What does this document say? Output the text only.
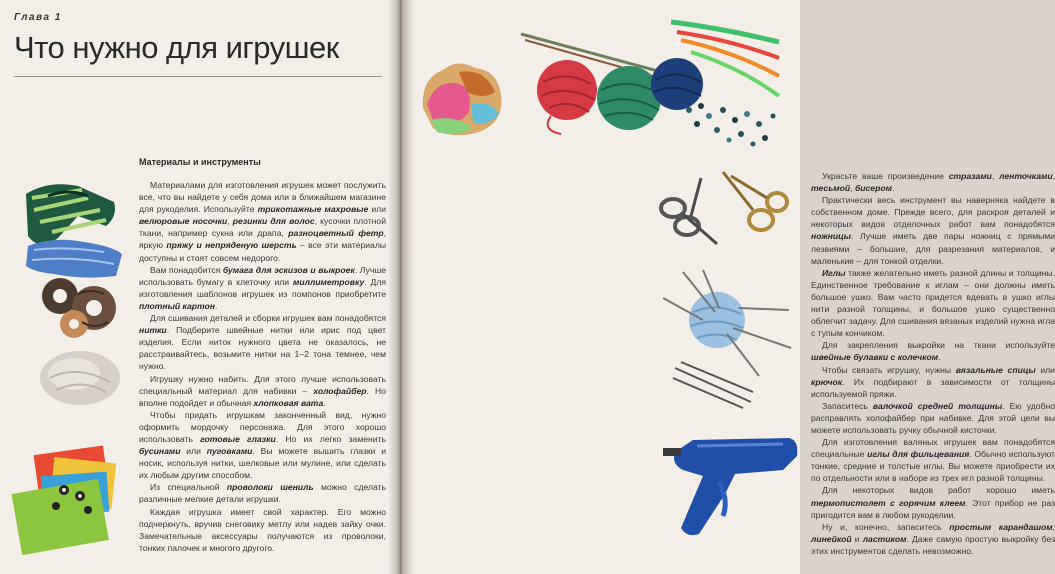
Глава 1
Что нужно для игрушек
Материалы и инструменты

Материалами для изготовления игрушек может послужить все, что вы найдете у себя дома или в ближайшем магазине для рукоделия. Используйте трикотажные махровые или велюровые носочки, резинки для волос, кусочки плотной ткани, например сукна или драпа, разноцветный фетр, яркую пряжу и непряденую шерсть – все эти материалы доступны и стоят совсем недорого.

Вам понадобится бумага для эскизов и выкроек. Лучше использовать бумагу в клеточку или миллиметровку. Для изготовления шаблонов игрушек из помпонов приобретите плотный картон.

Для сшивания деталей и сборки игрушек вам понадобятся нитки. Подберите швейные нитки или ирис под цвет изделия. Если ниток нужного цвета не оказалось, не расстраивайтесь, возьмите нитки на 1–2 тона темнее, чем нужно.

Игрушку нужно набить. Для этого лучше использовать специальный материал для набивки – холофайбер. Но вполне подойдет и обычная хлопковая вата.

Чтобы придать игрушкам законченный вид, нужно оформить мордочку персонажа. Для этого хорошо использовать готовые глазки. Но их легко заменить бусинами или пуговками. Вы можете вышить глазки и носик, используя нитки, шелковые или мулине, или сделать их любым другим способом.

Из специальной проволоки шениль можно сделать различные мелкие детали игрушки.

Каждая игрушка имеет свой характер. Его можно подчеркнуть, вручив снеговику метлу или надев зайку очки. Замечательные аксессуары получаются из проволоки, тонких палочек и многого другого.

Украсьте ваше произведение стразами, ленточками, тесьмой, бисером.

Практически весь инструмент вы наверняка найдете в собственном доме. Прежде всего, для раскроя деталей и некоторых видов отделочных работ вам понадобятся ножницы. Лучше иметь две пары ножниц с прямыми лезвиями – большие, для разрезания материалов, и маленькие – для тонкой отделки.

Иглы также желательно иметь разной длины и толщины. Единственное требование к иглам – они должны иметь большое ушко. Вам часто придется вдевать в ушко иглы нити разной толщины, и большое ушко существенно облегчит задачу. Для сшивания вязаных изделий нужна игла с тупым кончиком.

Для закрепления выкройки на ткани используйте швейные булавки с колечком.

Чтобы связать игрушку, нужны вязальные спицы или крючок. Их подбирают в зависимости от толщины используемой пряжи.

Запаситесь валочкой средней толщины. Ею удобно расправлять холофайбер при набивке. Для этой цели вы можете использовать ручку обычной кисточки.

Для изготовления валяных игрушек вам понадобятся специальные иглы для фильцевания. Обычно используют тонкие, средние и толстые иглы. Вы можете приобрести их по отдельности или в наборе из трех игл разной толщины.

Для некоторых видов работ хорошо иметь термопистолет с горячим клеем. Этот прибор не раз пригодится вам в любом рукоделии.

Ну и, конечно, запаситесь простым карандашом, линейкой и ластиком. Даже самую простую выкройку без этих инструментов сделать невозможно.
